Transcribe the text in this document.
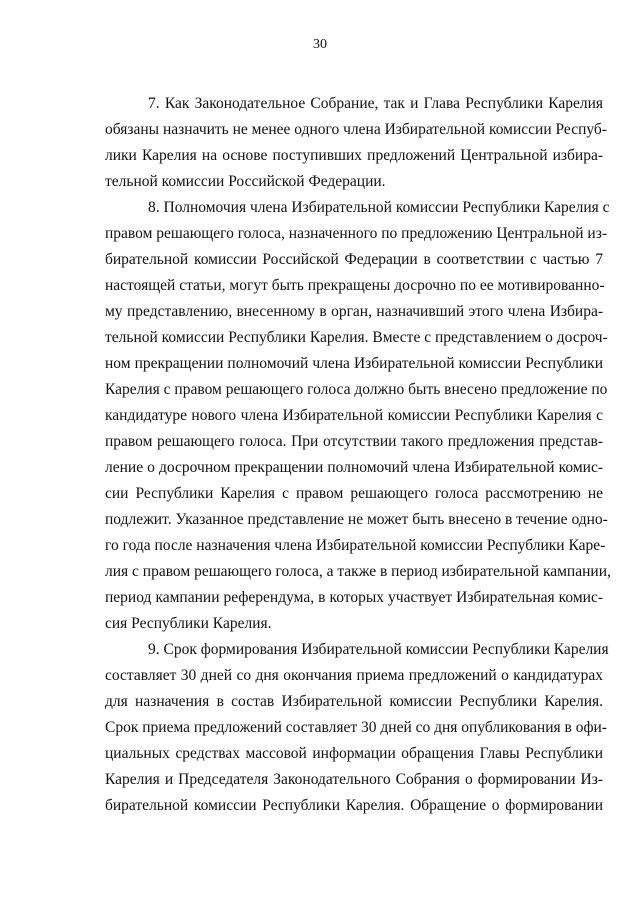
30
7. Как Законодательное Собрание, так и Глава Республики Карелия
обязаны назначить не менее одного члена Избирательной комиссии Респуб-
лики Карелия на основе поступивших предложений Центральной избира-
тельной комиссии Российской Федерации.
8. Полномочия члена Избирательной комиссии Республики Карелия с
правом решающего голоса, назначенного по предложению Центральной из-
бирательной комиссии Российской Федерации в соответствии с частью 7
настоящей статьи, могут быть прекращены досрочно по ее мотивированно-
му представлению, внесенному в орган, назначивший этого члена Избира-
тельной комиссии Республики Карелия. Вместе с представлением о досроч-
ном прекращении полномочий члена Избирательной комиссии Республики
Карелия с правом решающего голоса должно быть внесено предложение по
кандидатуре нового члена Избирательной комиссии Республики Карелия с
правом решающего голоса. При отсутствии такого предложения представ-
ление о досрочном прекращении полномочий члена Избирательной комис-
сии Республики Карелия с правом решающего голоса рассмотрению не
подлежит. Указанное представление не может быть внесено в течение одно-
го года после назначения члена Избирательной комиссии Республики Каре-
лия с правом решающего голоса, а также в период избирательной кампании,
период кампании референдума, в которых участвует Избирательная комис-
сия Республики Карелия.
9. Срок формирования Избирательной комиссии Республики Карелия
составляет 30 дней со дня окончания приема предложений о кандидатурах
для назначения в состав Избирательной комиссии Республики Карелия.
Срок приема предложений составляет 30 дней со дня опубликования в офи-
циальных средствах массовой информации обращения Главы Республики
Карелия и Председателя Законодательного Собрания о формировании Из-
бирательной комиссии Республики Карелия. Обращение о формировании
